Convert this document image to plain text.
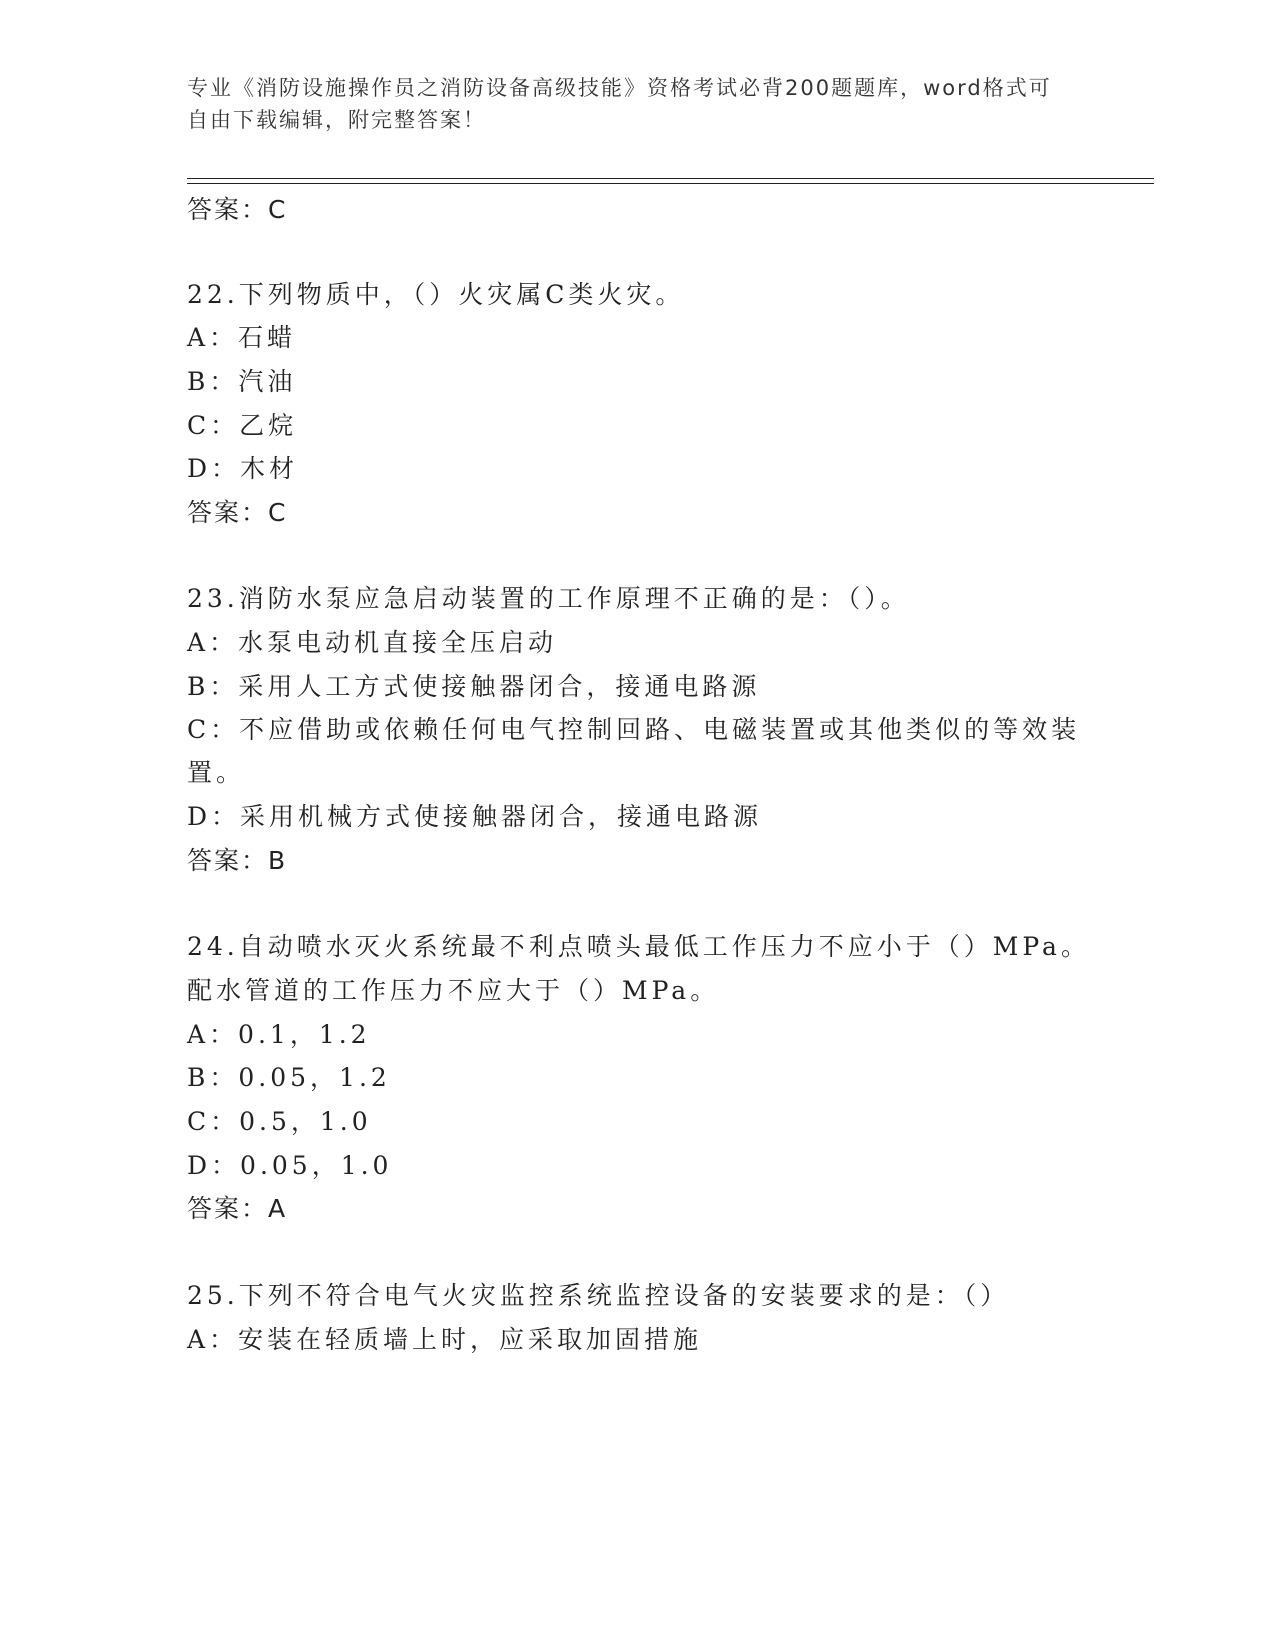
专业《消防设施操作员之消防设备高级技能》资格考试必背200题题库，word格式可自由下载编辑，附完整答案！
答案：C
22.下列物质中，（）火灾属C类火灾。
A：石蜡
B：汽油
C：乙烷
D：木材
答案：C
23.消防水泵应急启动装置的工作原理不正确的是：（）。
A：水泵电动机直接全压启动
B：采用人工方式使接触器闭合，接通电路源
C：不应借助或依赖任何电气控制回路、电磁装置或其他类似的等效装
置。
D：采用机械方式使接触器闭合，接通电路源
答案：B
24.自动喷水灭火系统最不利点喷头最低工作压力不应小于（）MPa。
配水管道的工作压力不应大于（）MPa。
A：0.1，1.2
B：0.05，1.2
C：0.5，1.0
D：0.05，1.0
答案：A
25.下列不符合电气火灾监控系统监控设备的安装要求的是：（）
A：安装在轻质墙上时，应采取加固措施
